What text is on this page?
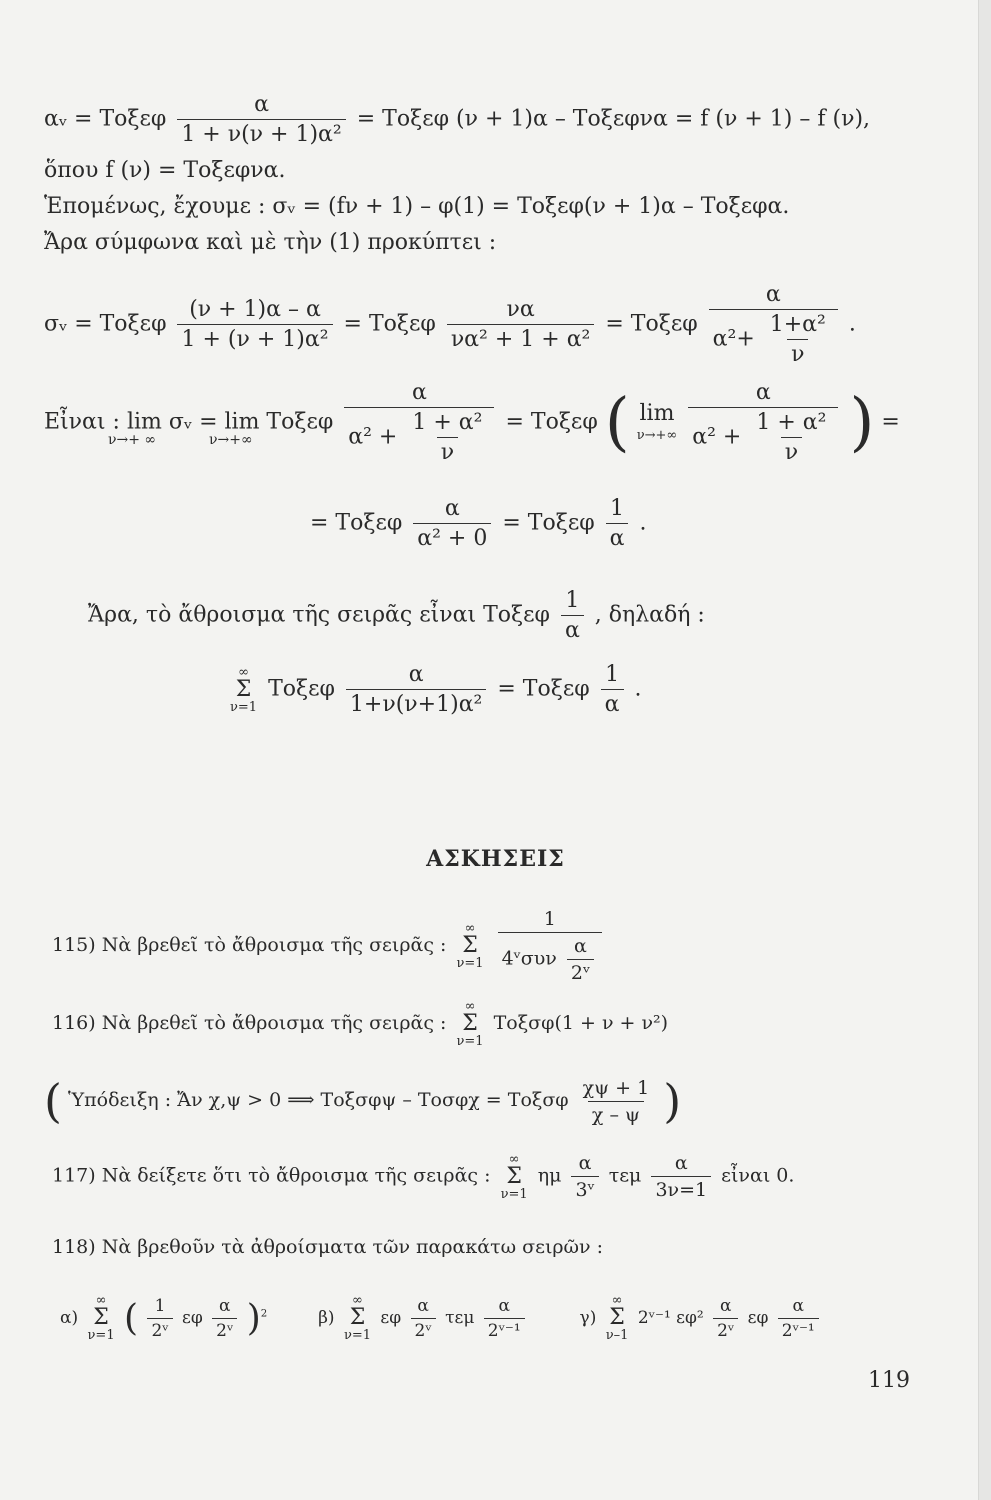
αᵥ = Τοξεφ $\frac{\alpha}{\text{1 + ν(ν + 1)α²}} = To\xi\varepsilon\varphi$ (ν + 1)α – Τοξεφνα = f (ν + 1) – f (ν),
ὅπου f (ν) = Τοξεφνα.
Ἑπομένως, ἔχουμε : σᵥ = (fν + 1) – φ(1) = Τοξεφ(ν + 1)α – Τοξεφα.
Ἄρα σύμφωνα καὶ μὲ τὴν (1) προκύπτει :
σᵥ = Τοξεφ $\frac{(\nu + 1)\alpha - \alpha}{\text{1 + (ν + 1)α²}} = To\xi\varepsilon\varphi \frac{\nu\alpha}{\text{να² + 1 + α²}} = To\xi\varepsilon\varphi \frac{\alpha}{\alpha^2+ \frac{\text{1+α²}}{\nu}}$ .
Εἶναι : lim σᵥ = lim Τοξεφ $\frac{\alpha}{\alpha^2 + \frac{\text{1 + α²}}{\nu}} = To\xi\varepsilon\varphi$ ( lim
ν→+∞
$\frac{\alpha}{\alpha^2 + \frac{\text{1 + α²}}{\nu}}$ ) =
ν→+ ∞	ν→+∞
= Τοξεφ $\frac{\alpha}{\text{α² + 0}} = To\xi\varepsilon\varphi \frac{1}{\alpha}$ .
Ἄρα, τὸ ἄθροισμα τῆς σειρᾶς εἶναι Τοξεφ $\frac{1}{\alpha}$ , δηλαδή :
∞
Σ
ν=1
Τοξεφ $\frac{\alpha}{\text{1+ν(ν+1)α²}} = To\xi\varepsilon\varphi \frac{1}{\alpha}$ .
ΑΣΚΗΣΕΙΣ
115) Νὰ βρεθεῖ τὸ ἄθροισμα τῆς σειρᾶς :
∞
Σ
ν=1
$\frac{1}{4ᵛ\sigma\upsilon\nu \frac{\alpha}{\text{2ᵛ}}}$
116) Νὰ βρεθεῖ τὸ ἄθροισμα τῆς σειρᾶς :
∞
Σ
ν=1
Τοξσφ(1 + ν + ν²)
( Ὑπόδειξη : Ἄν χ,ψ > 0 ⟹ Τοξσφψ – Τοσφχ = Τοξσφ $\frac{\chi\psi + 1}{\chi - \psi}$ )
117) Νὰ δείξετε ὅτι τὸ ἄθροισμα τῆς σειρᾶς :
∞
Σ
ν=1
ημ $\frac{\alpha}{\text{3ᵛ}}$ τεμ $\frac{\alpha}{3\nu=1}$ εἶναι 0.
118) Νὰ βρεθοῦν τὰ ἀθροίσματα τῶν παρακάτω σειρῶν :
α)
∞
Σ
ν=1 ( $\frac{1}{\text{2ᵛ}}$ εφ $\frac{\alpha}{\text{2ᵛ}} )^2$	β)
∞
Σ
ν=1
εφ $\frac{\alpha}{\text{2ᵛ}}$ τεμ $\frac{\alpha}{\text{2ᵛ⁻¹}}$	γ)
∞
Σ
ν–1
2ᵛ⁻¹ $\varepsilon\varphi^2 \frac{\alpha}{\text{2ᵛ}}$ εφ $\frac{\alpha}{\text{2ᵛ⁻¹}}$
119
